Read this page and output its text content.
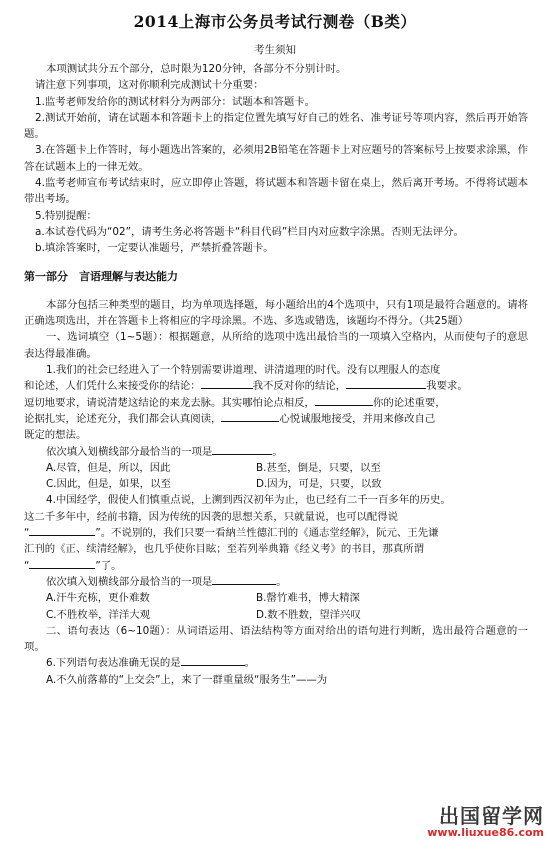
2014上海市公务员考试行测卷（B类）
考生须知

本项测试共分五个部分，总时限为120分钟，各部分不分别计时。

请注意下列事项，这对你顺利完成测试十分重要：

1.监考老师发给你的测试材料分为两部分：试题本和答题卡。

2.测试开始前，请在试题本和答题卡上的指定位置先填写好自己的姓名、准考证号等项内容，然后再开始答题。

3.在答题卡上作答时，每小题选出答案的，必须用2B铅笔在答题卡上对应题号的答案标号上按要求涂黑，作答在试题本上的一律无效。

4.监考老师宣布考试结束时，应立即停止答题，将试题本和答题卡留在桌上，然后离开考场。不得将试题本带出考场。

5.特别提醒：

a.本试卷代码为“02”，请考生务必将答题卡“科目代码”栏目内对应数字涂黑。否则无法评分。

b.填涂答案时，一定要认准题号，严禁折叠答题卡。

第一部分　言语理解与表达能力

本部分包括三种类型的题目，均为单项选择题，每小题给出的4个选项中，只有1项是最符合题意的。请将正确选项选出，并在答题卡上将相应的字母涂黑。不选、多选或错选，该题均不得分。（共25题）

一、选词填空（1~5题）：根据题意，从所给的选项中选出最恰当的一项填入空格内，从而使句子的意思表达得最准确。

1.我们的社会已经进入了一个特别需要讲道理、讲清道理的时代。没有以理服人的态度

和论述，人们凭什么来接受你的结论：	我不反对你的结论，	我要求。

逗切地要求，请说清楚这结论的来龙去脉。其实哪怕论点相反，	你的论述重要，

论据扎实，论述充分，我们都会认真阅读，	心悦诚服地接受，并用来修改自己

既定的想法。

依次填入划横线部分最恰当的一项是	。

A.尽管，但是，所以，因此	B.甚至，倒是，只要，以至
C.因此，但是，如果，以至	D.因为，可是，只要，以致

4.中国经学，假使人们慎重点说，上溯到西汉初年为止，也已经有二千一百多年的历史。

这二千多年中，经前书籍，因为传统的因袭的思想关系，只就量说，也可以配得说

“	”。不说别的，我们只要一看納兰性德汇刊的《通志堂经解》，阮元、王先谦

汇刊的《正、续清经解》，也几乎使你目眩；至若列举典籍《经义考》的书目，那真所谓

“	”了。

依次填入划横线部分最恰当的一项是	。

A.汗牛充栋，更仆难数	B.罄竹难书，博大精深
C.不胜枚举，洋洋大观	D.数不胜数，望洋兴叹

二、语句表达（6~10题）：从词语运用、语法结构等方面对给出的语句进行判断，选出最符合题意的一项。

6.下列语句表达准确无误的是	。

A.不久前落幕的“上交会”上，来了一群重量级“服务生”——为

出国留学网
www.liuxue86.com
